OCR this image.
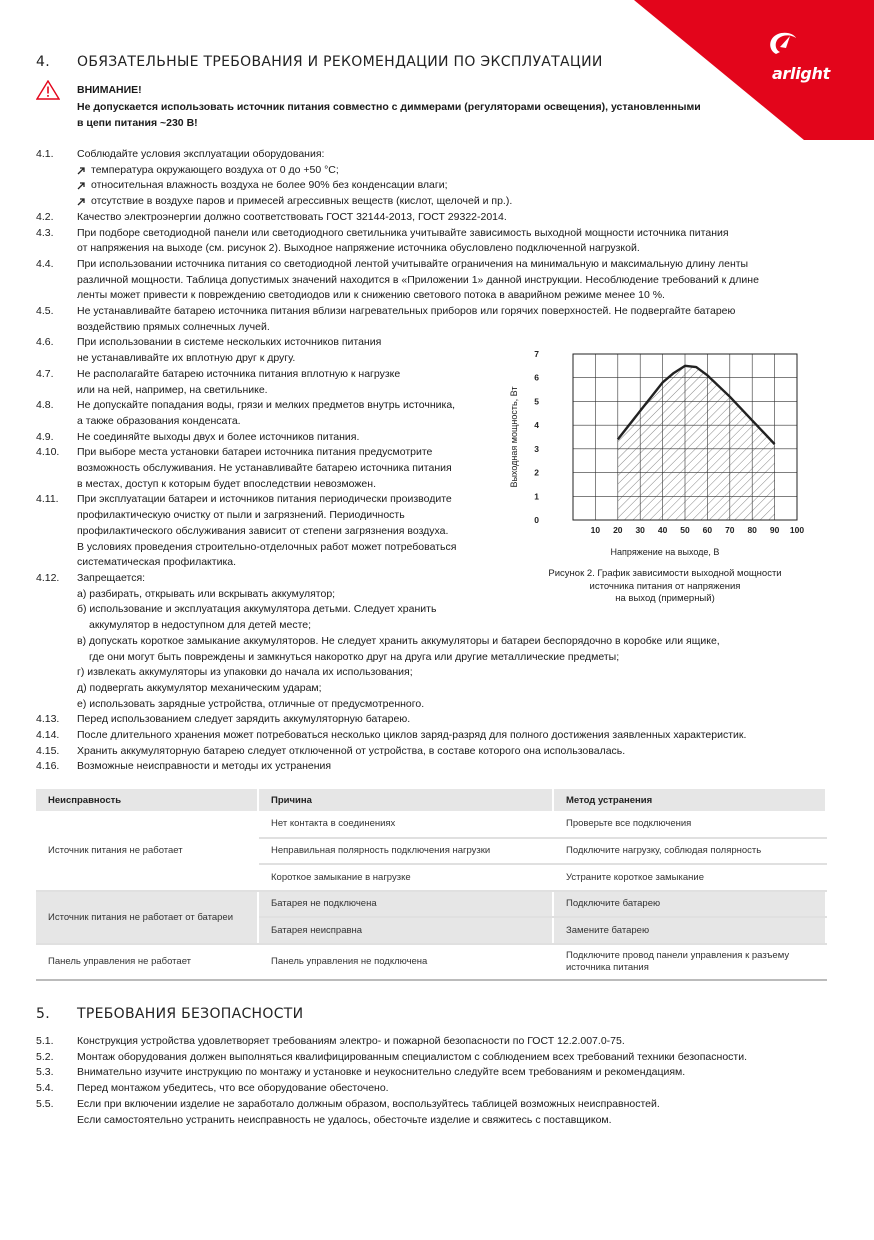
arlight
4. ОБЯЗАТЕЛЬНЫЕ ТРЕБОВАНИЯ И РЕКОМЕНДАЦИИ ПО ЭКСПЛУАТАЦИИ
ВНИМАНИЕ!
Не допускается использовать источник питания совместно с диммерами (регуляторами освещения), установленными
в цепи питания ~230 В!
4.1. Соблюдайте условия эксплуатации оборудования:
температура окружающего воздуха от 0 до +50 °С;
относительная влажность воздуха не более 90% без конденсации влаги;
отсутствие в воздухе паров и примесей агрессивных веществ (кислот, щелочей и пр.).
4.2. Качество электроэнергии должно соответствовать ГОСТ 32144-2013, ГОСТ 29322-2014.
4.3. При подборе светодиодной панели или светодиодного светильника учитывайте зависимость выходной мощности источника питания
от напряжения на выходе (см. рисунок 2). Выходное напряжение источника обусловлено подключенной нагрузкой.
4.4. При использовании источника питания со светодиодной лентой учитывайте ограничения на минимальную и максимальную длину ленты
различной мощности. Таблица допустимых значений находится в «Приложении 1» данной инструкции. Несоблюдение требований к длине
ленты может привести к повреждению светодиодов или к снижению светового потока в аварийном режиме менее 10 %.
4.5. Не устанавливайте батарею источника питания вблизи нагревательных приборов или горячих поверхностей. Не подвергайте батарею
воздействию прямых солнечных лучей.
4.6. При использовании в системе нескольких источников питания
не устанавливайте их вплотную друг к другу.
4.7. Не располагайте батарею источника питания вплотную к нагрузке
или на ней, например, на светильнике.
4.8. Не допускайте попадания воды, грязи и мелких предметов внутрь источника,
а также образования конденсата.
4.9. Не соединяйте выходы двух и более источников питания.
4.10. При выборе места установки батареи источника питания предусмотрите
возможность обслуживания. Не устанавливайте батарею источника питания
в местах, доступ к которым будет впоследствии невозможен.
4.11. При эксплуатации батареи и источников питания периодически производите
профилактическую очистку от пыли и загрязнений. Периодичность
профилактического обслуживания зависит от степени загрязнения воздуха.
В условиях проведения строительно-отделочных работ может потребоваться
систематическая профилактика.
4.12. Запрещается:
а) разбирать, открывать или вскрывать аккумулятор;
б) использование и эксплуатация аккумулятора детьми. Следует хранить
аккумулятор в недоступном для детей месте;
в) допускать короткое замыкание аккумуляторов. Не следует хранить аккумуляторы и батареи беспорядочно в коробке или ящике,
где они могут быть повреждены и замкнуться накоротко друг на друга или другие металлические предметы;
г) извлекать аккумуляторы из упаковки до начала их использования;
д) подвергать аккумулятор механическим ударам;
е) использовать зарядные устройства, отличные от предусмотренного.
4.13. Перед использованием следует зарядить аккумуляторную батарею.
4.14. После длительного хранения может потребоваться несколько циклов заряд-разряд для полного достижения заявленных характеристик.
4.15. Хранить аккумуляторную батарею следует отключенной от устройства, в составе которого она использовалась.
4.16. Возможные неисправности и методы их устранения
10 20 30 40 50 60 70 80 90 100
0
1
2
3
4
5
6
7
Напряжение на выходе, В
Выходная мощность, Вт
Рисунок 2. График зависимости выходной мощности
источника питания от напряжения
на выход (примерный)
Неисправность	Причина	Метод устранения
Источник питания не работает	Нет контакта в соединениях	Проверьте все подключения
	Неправильная полярность подключения нагрузки	Подключите нагрузку, соблюдая полярность
	Короткое замыкание в нагрузке	Устраните короткое замыкание
Источник питания не работает от батареи	Батарея не подключена	Подключите батарею
	Батарея неисправна	Замените батарею
Панель управления не работает	Панель управления не подключена	Подключите провод панели управления к разъему
источника питания
5. ТРЕБОВАНИЯ БЕЗОПАСНОСТИ
5.1. Конструкция устройства удовлетворяет требованиям электро- и пожарной безопасности по ГОСТ 12.2.007.0-75.
5.2. Монтаж оборудования должен выполняться квалифицированным специалистом с соблюдением всех требований техники безопасности.
5.3. Внимательно изучите инструкцию по монтажу и установке и неукоснительно следуйте всем требованиям и рекомендациям.
5.4. Перед монтажом убедитесь, что все оборудование обесточено.
5.5. Если при включении изделие не заработало должным образом, воспользуйтесь таблицей возможных неисправностей.
Если самостоятельно устранить неисправность не удалось, обесточьте изделие и свяжитесь с поставщиком.
